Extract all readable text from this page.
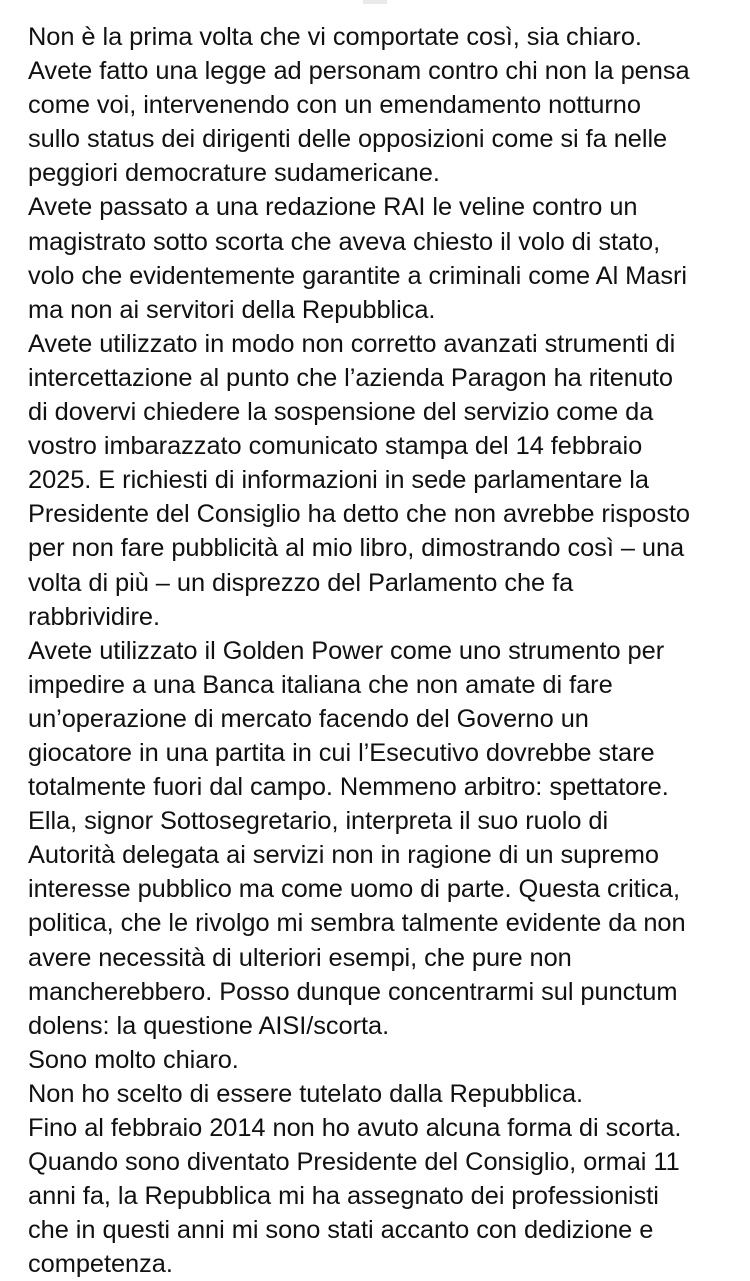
Non è la prima volta che vi comportate così, sia chiaro.
Avete fatto una legge ad personam contro chi non la pensa
come voi, intervenendo con un emendamento notturno
sullo status dei dirigenti delle opposizioni come si fa nelle
peggiori democrature sudamericane.
Avete passato a una redazione RAI le veline contro un
magistrato sotto scorta che aveva chiesto il volo di stato,
volo che evidentemente garantite a criminali come Al Masri
ma non ai servitori della Repubblica.
Avete utilizzato in modo non corretto avanzati strumenti di
intercettazione al punto che l’azienda Paragon ha ritenuto
di dovervi chiedere la sospensione del servizio come da
vostro imbarazzato comunicato stampa del 14 febbraio
2025. E richiesti di informazioni in sede parlamentare la
Presidente del Consiglio ha detto che non avrebbe risposto
per non fare pubblicità al mio libro, dimostrando così – una
volta di più – un disprezzo del Parlamento che fa
rabbrividire.
Avete utilizzato il Golden Power come uno strumento per
impedire a una Banca italiana che non amate di fare
un’operazione di mercato facendo del Governo un
giocatore in una partita in cui l’Esecutivo dovrebbe stare
totalmente fuori dal campo. Nemmeno arbitro: spettatore.
Ella, signor Sottosegretario, interpreta il suo ruolo di
Autorità delegata ai servizi non in ragione di un supremo
interesse pubblico ma come uomo di parte. Questa critica,
politica, che le rivolgo mi sembra talmente evidente da non
avere necessità di ulteriori esempi, che pure non
mancherebbero. Posso dunque concentrarmi sul punctum
dolens: la questione AISI/scorta.
Sono molto chiaro.
Non ho scelto di essere tutelato dalla Repubblica.
Fino al febbraio 2014 non ho avuto alcuna forma di scorta.
Quando sono diventato Presidente del Consiglio, ormai 11
anni fa, la Repubblica mi ha assegnato dei professionisti
che in questi anni mi sono stati accanto con dedizione e
competenza.
